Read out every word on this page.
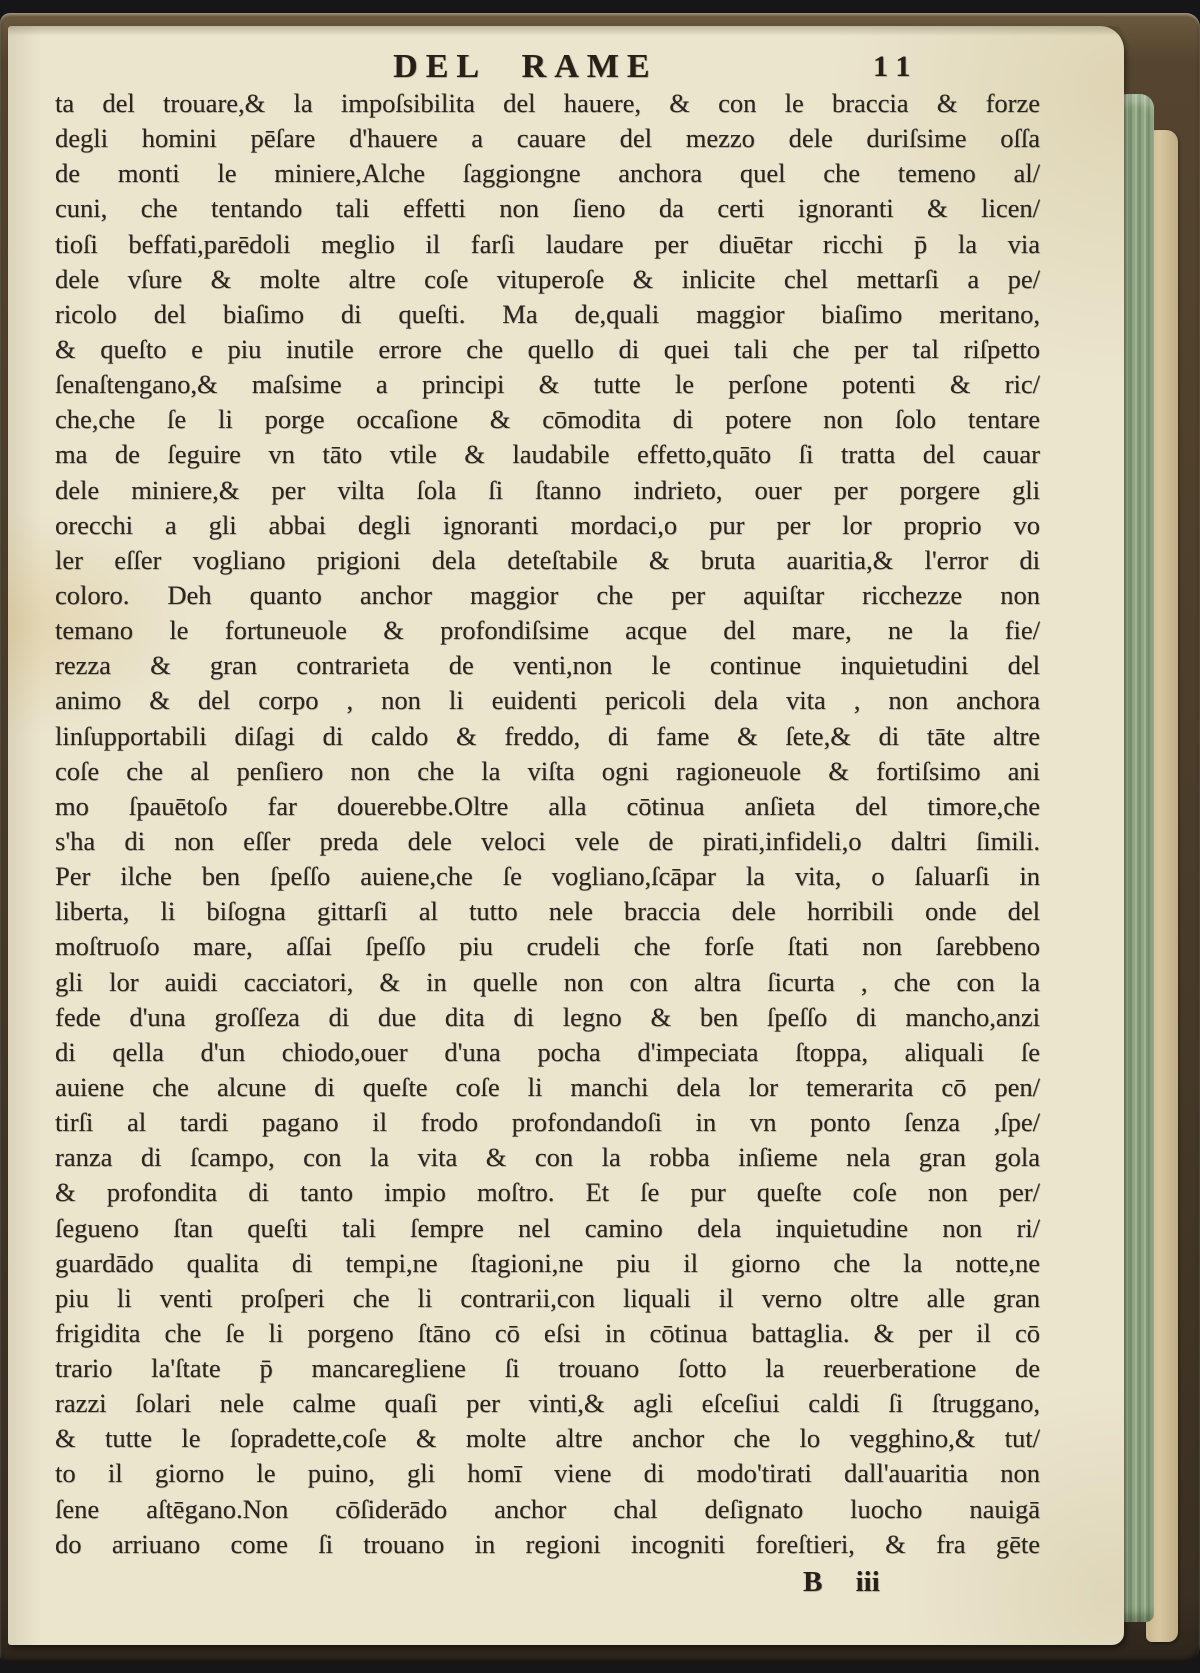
DEL RAME	11
ta del trouare,& la impoſsibilita del hauere, & con le braccia & forze
degli homini pēſare d'hauere a cauare del mezzo dele duriſsime oſſa
de monti le miniere,Alche ſaggiongne anchora quel che temeno al/
cuni, che tentando tali effetti non ſieno da certi ignoranti & licen/
tioſi beffati,parēdoli meglio il farſi laudare per diuētar ricchi p̄ la via
dele vſure & molte altre coſe vituperoſe & inlicite chel mettarſi a pe/
ricolo del biaſimo di queſti. Ma de,quali maggior biaſimo meritano,
& queſto e piu inutile errore che quello di quei tali che per tal riſpetto
ſenaſtengano,& maſsime a principi & tutte le perſone potenti & ric/
che,che ſe li porge occaſione & cōmodita di potere non ſolo tentare
ma de ſeguire vn tāto vtile & laudabile effetto,quāto ſi tratta del cauar
dele miniere,& per vilta ſola ſi ſtanno indrieto, ouer per porgere gli
orecchi a gli abbai degli ignoranti mordaci,o pur per lor proprio vo
ler eſſer vogliano prigioni dela deteſtabile & bruta auaritia,& l'error di
coloro. Deh quanto anchor maggior che per aquiſtar ricchezze non
temano le fortuneuole & profondiſsime acque del mare, ne la fie/
rezza & gran contrarieta de venti,non le continue inquietudini del
animo & del corpo , non li euidenti pericoli dela vita , non anchora
linſupportabili diſagi di caldo & freddo, di fame & ſete,& di tāte altre
coſe che al penſiero non che la viſta ogni ragioneuole & fortiſsimo ani
mo ſpauētoſo far douerebbe.Oltre alla cōtinua anſieta del timore,che
s'ha di non eſſer preda dele veloci vele de pirati,infideli,o daltri ſimili.
Per ilche ben ſpeſſo auiene,che ſe vogliano,ſcāpar la vita, o ſaluarſi in
liberta, li biſogna gittarſi al tutto nele braccia dele horribili onde del
moſtruoſo mare, aſſai ſpeſſo piu crudeli che forſe ſtati non ſarebbeno
gli lor auidi cacciatori, & in quelle non con altra ſicurta , che con la
fede d'una groſſeza di due dita di legno & ben ſpeſſo di mancho,anzi
di qella d'un chiodo,ouer d'una pocha d'impeciata ſtoppa, aliquali ſe
auiene che alcune di queſte coſe li manchi dela lor temerarita cō pen/
tirſi al tardi pagano il frodo profondandoſi in vn ponto ſenza ,ſpe/
ranza di ſcampo, con la vita & con la robba inſieme nela gran gola
& profondita di tanto impio moſtro. Et ſe pur queſte coſe non per/
ſegueno ſtan queſti tali ſempre nel camino dela inquietudine non ri/
guardādo qualita di tempi,ne ſtagioni,ne piu il giorno che la notte,ne
piu li venti proſperi che li contrarii,con liquali il verno oltre alle gran
frigidita che ſe li porgeno ſtāno cō eſsi in cōtinua battaglia. & per il cō
trario la'ſtate p̄ mancaregliene ſi trouano ſotto la reuerberatione de
razzi ſolari nele calme quaſi per vinti,& agli eſceſiui caldi ſi ſtruggano,
& tutte le ſopradette,coſe & molte altre anchor che lo vegghino,& tut/
to il giorno le puino, gli homī viene di modo'tirati dall'auaritia non
ſene aſtēgano.Non cōſiderādo anchor chal deſignato luocho nauigā
do arriuano come ſi trouano in regioni incogniti foreſtieri, & fra gēte
B iii
